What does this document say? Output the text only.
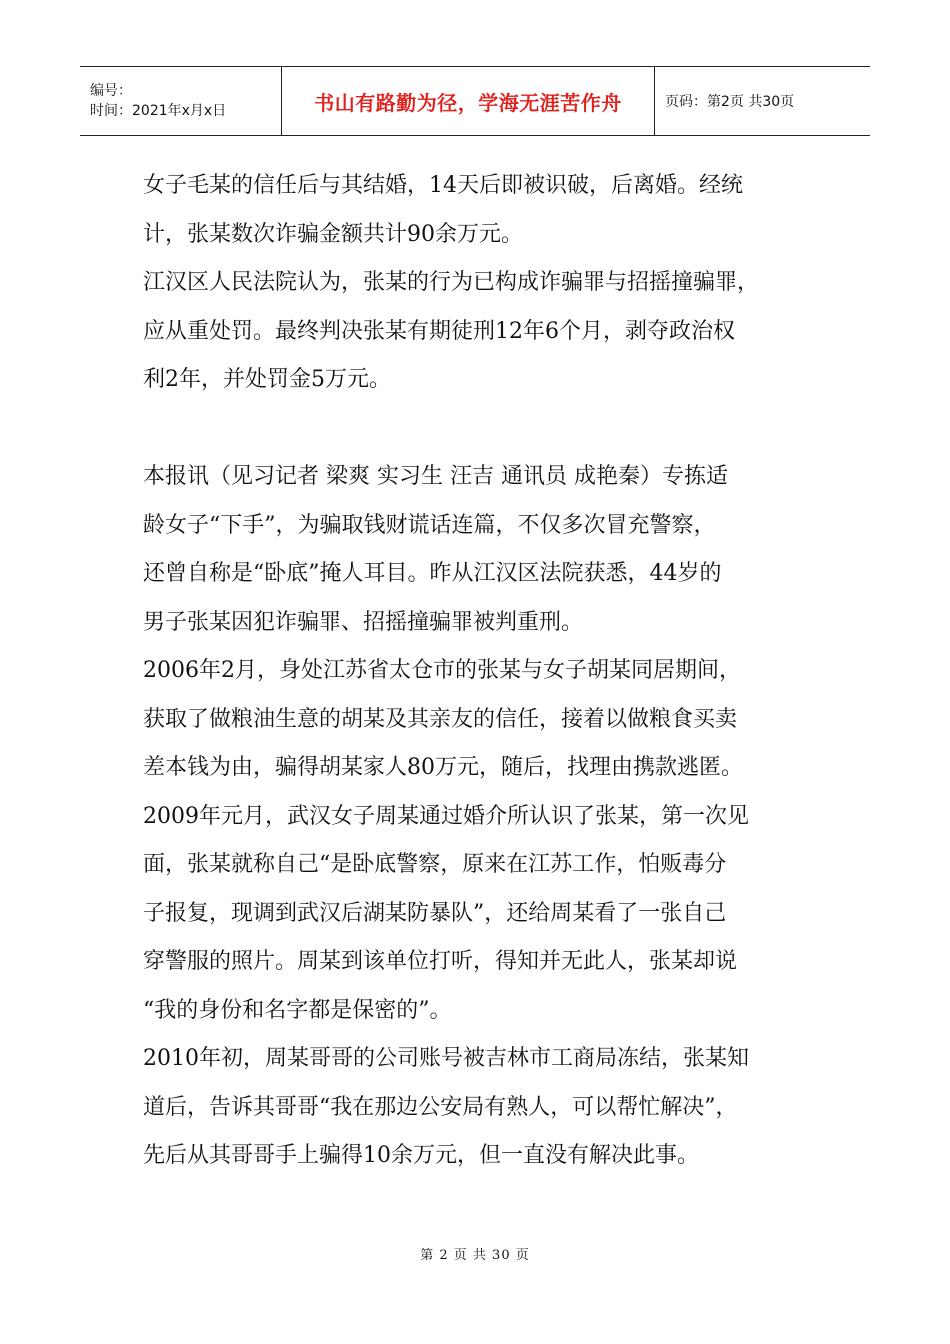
编号：
时间：2021年x月x日	书山有路勤为径，学海无涯苦作舟	页码：第2页 共30页

女子毛某的信任后与其结婚，14天后即被识破，后离婚。经统

计，张某数次诈骗金额共计90余万元。

江汉区人民法院认为，张某的行为已构成诈骗罪与招摇撞骗罪，

应从重处罚。最终判决张某有期徒刑12年6个月，剥夺政治权

利2年，并处罚金5万元。

本报讯（见习记者 梁爽 实习生 汪吉 通讯员 成艳秦）专拣适

龄女子“下手”，为骗取钱财谎话连篇，不仅多次冒充警察，

还曾自称是“卧底”掩人耳目。昨从江汉区法院获悉，44岁的

男子张某因犯诈骗罪、招摇撞骗罪被判重刑。

2006年2月，身处江苏省太仓市的张某与女子胡某同居期间，

获取了做粮油生意的胡某及其亲友的信任，接着以做粮食买卖

差本钱为由，骗得胡某家人80万元，随后，找理由携款逃匿。

2009年元月，武汉女子周某通过婚介所认识了张某，第一次见

面，张某就称自己“是卧底警察，原来在江苏工作，怕贩毒分

子报复，现调到武汉后湖某防暴队”，还给周某看了一张自己

穿警服的照片。周某到该单位打听，得知并无此人，张某却说

“我的身份和名字都是保密的”。

2010年初，周某哥哥的公司账号被吉林市工商局冻结，张某知

道后，告诉其哥哥“我在那边公安局有熟人，可以帮忙解决”，

先后从其哥哥手上骗得10余万元，但一直没有解决此事。

第 2 页 共 30 页
